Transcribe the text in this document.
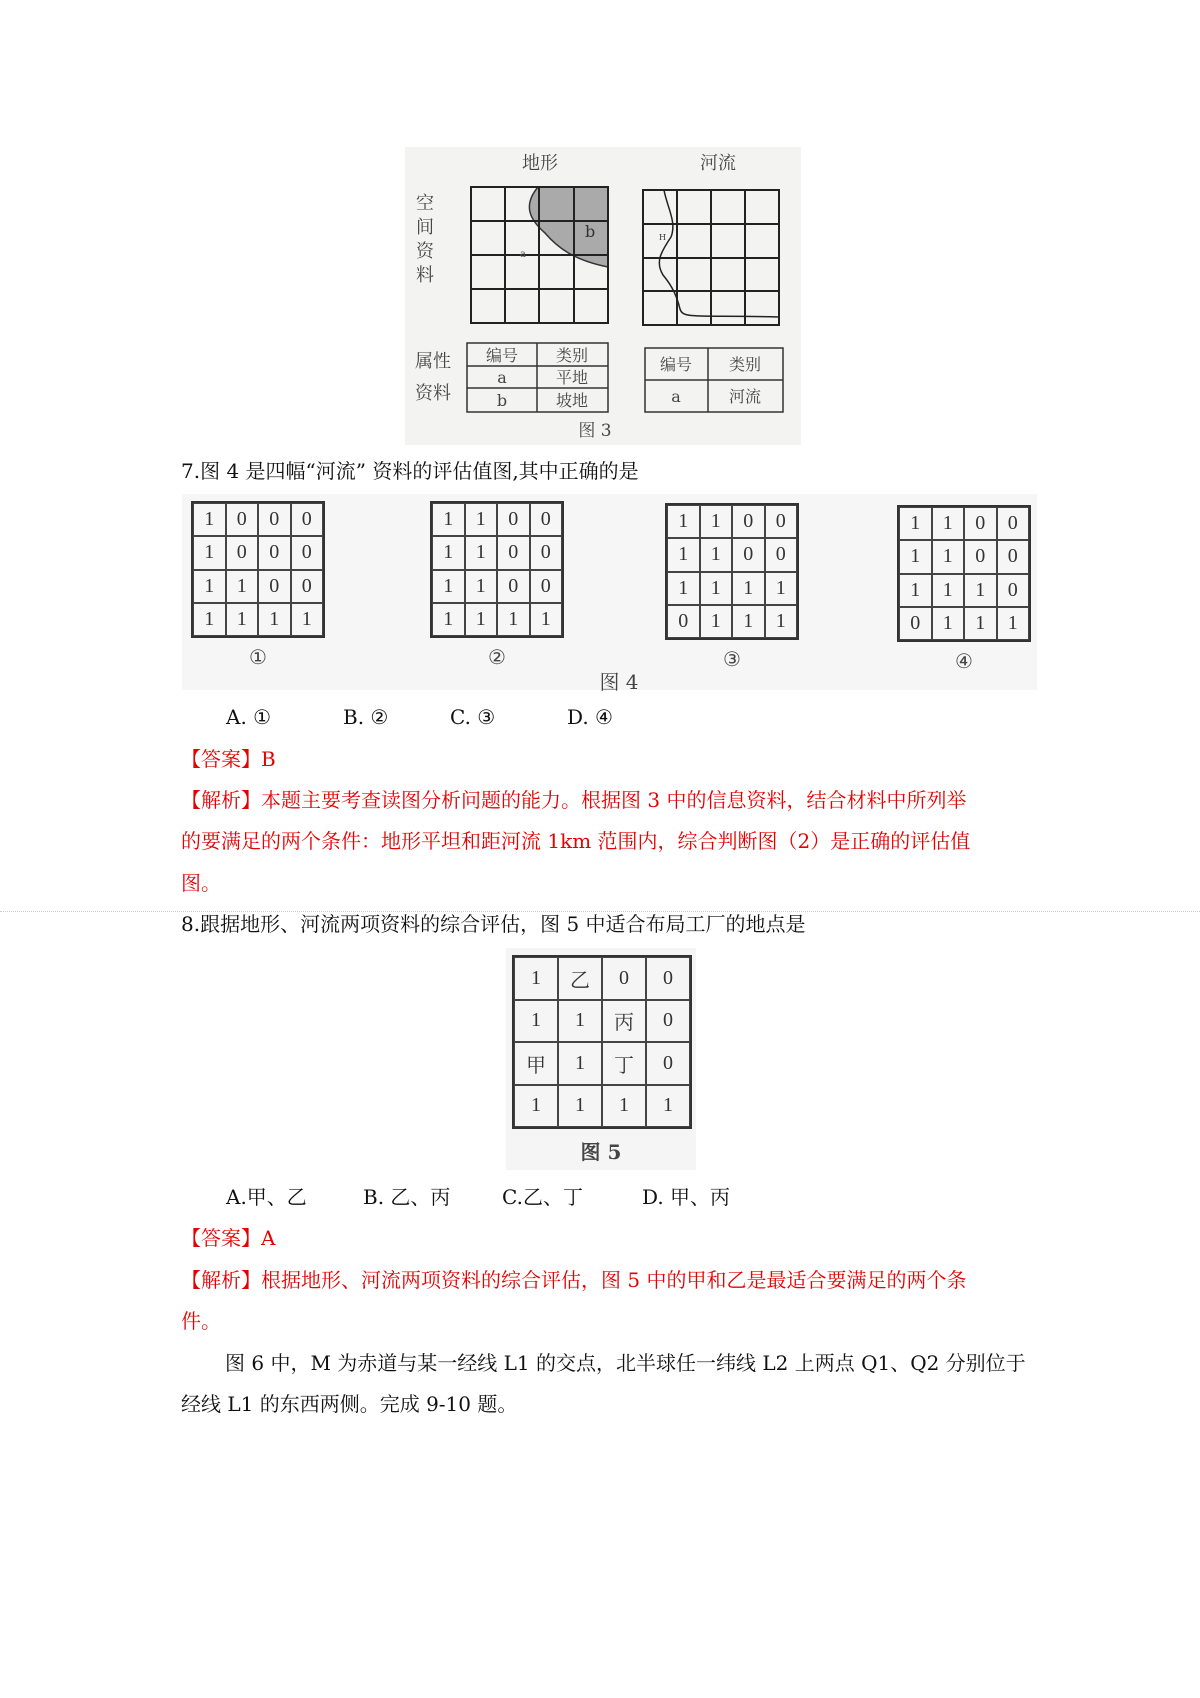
地形	河流
空
间
资
料
属性
资料
b
a
H
编号 类别
a	平地
b	坡地
编号 类别
a	河流
图 3
7.图 4 是四幅“河流” 资料的评估值图,其中正确的是
图 4
A. ①	B. ②	C. ③	D. ④
【答案】B
【解析】本题主要考查读图分析问题的能力。根据图 3 中的信息资料，结合材料中所列举
的要满足的两个条件：地形平坦和距河流 1km 范围内，综合判断图（2）是正确的评估值
图。
8.跟据地形、河流两项资料的综合评估，图 5 中适合布局工厂的地点是
图 5
A.甲、乙	B. 乙、丙	C.乙、丁	D. 甲、丙
【答案】A
【解析】根据地形、河流两项资料的综合评估，图 5 中的甲和乙是最适合要满足的两个条
件。
图 6 中，M 为赤道与某一经线 L1 的交点，北半球任一纬线 L2 上两点 Q1、Q2 分别位于
经线 L1 的东西两侧。完成 9-10 题。
1	0	0	0
1	0	0	0
1	1	0	0
1	1	1	1
①
1	1	0	0
1	1	0	0
1	1	0	0
1	1	1	1
②
1	1	0	0
1	1	0	0
1	1	1	1
0	1	1	1
③
1	1	0	0
1	1	0	0
1	1	1	0
0	1	1	1
④
1	乙	0	0
1	1	丙	0
甲	1	丁	0
1	1	1	1
